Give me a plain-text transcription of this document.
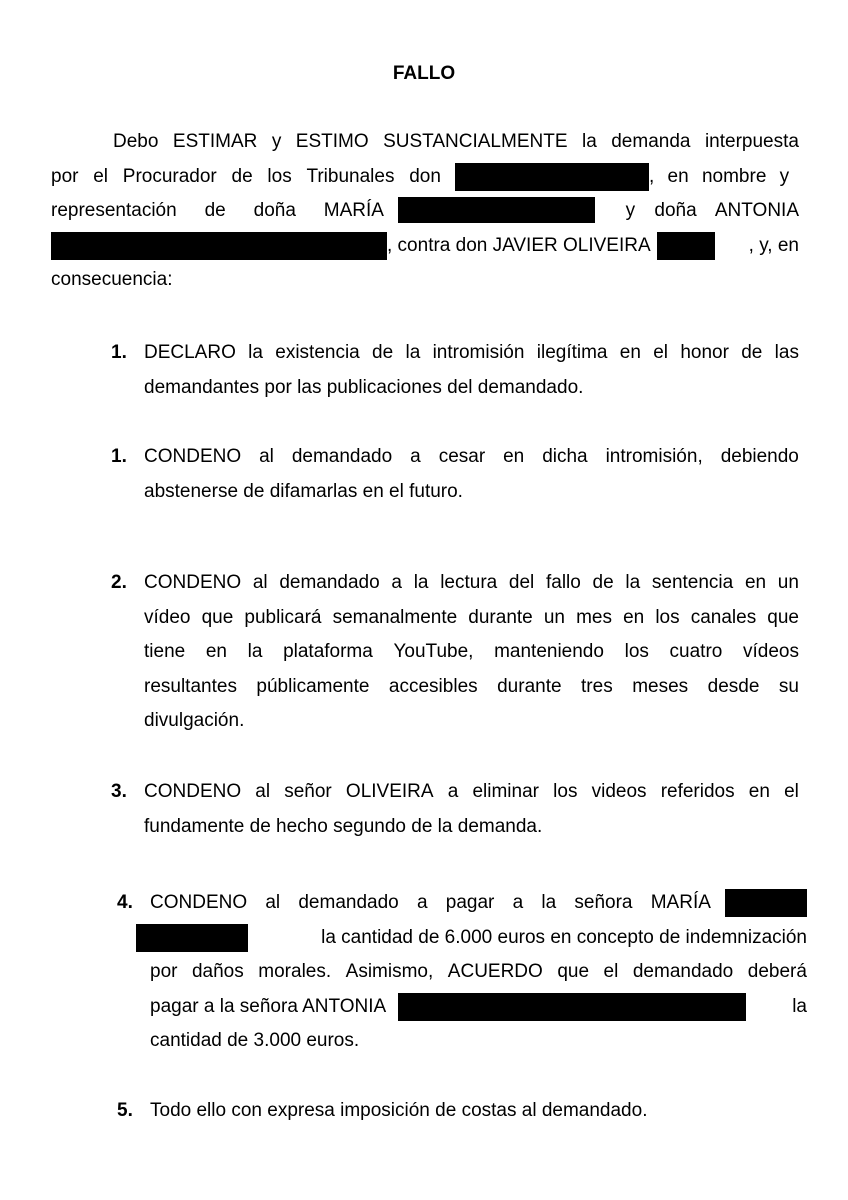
FALLO
Debo ESTIMAR y ESTIMO SUSTANCIALMENTE la demanda interpuesta
por el Procurador de los Tribunales don	, en nombre y
representación de doña MARÍA	y doña ANTONIA
, contra don JAVIER OLIVEIRA	, y, en
consecuencia:
1. DECLARO la existencia de la intromisión ilegítima en el honor de las
demandantes por las publicaciones del demandado.
1. CONDENO al demandado a cesar en dicha intromisión, debiendo
abstenerse de difamarlas en el futuro.
2. CONDENO al demandado a la lectura del fallo de la sentencia en un
vídeo que publicará semanalmente durante un mes en los canales que
tiene en la plataforma YouTube, manteniendo los cuatro vídeos
resultantes públicamente accesibles durante tres meses desde su
divulgación.
3. CONDENO al señor OLIVEIRA a eliminar los videos referidos en el
fundamente de hecho segundo de la demanda.
4. CONDENO al demandado a pagar a la señora MARÍA
la cantidad de 6.000 euros en concepto de indemnización
por daños morales. Asimismo, ACUERDO que el demandado deberá
pagar a la señora ANTONIA	la
cantidad de 3.000 euros.
5. Todo ello con expresa imposición de costas al demandado.
